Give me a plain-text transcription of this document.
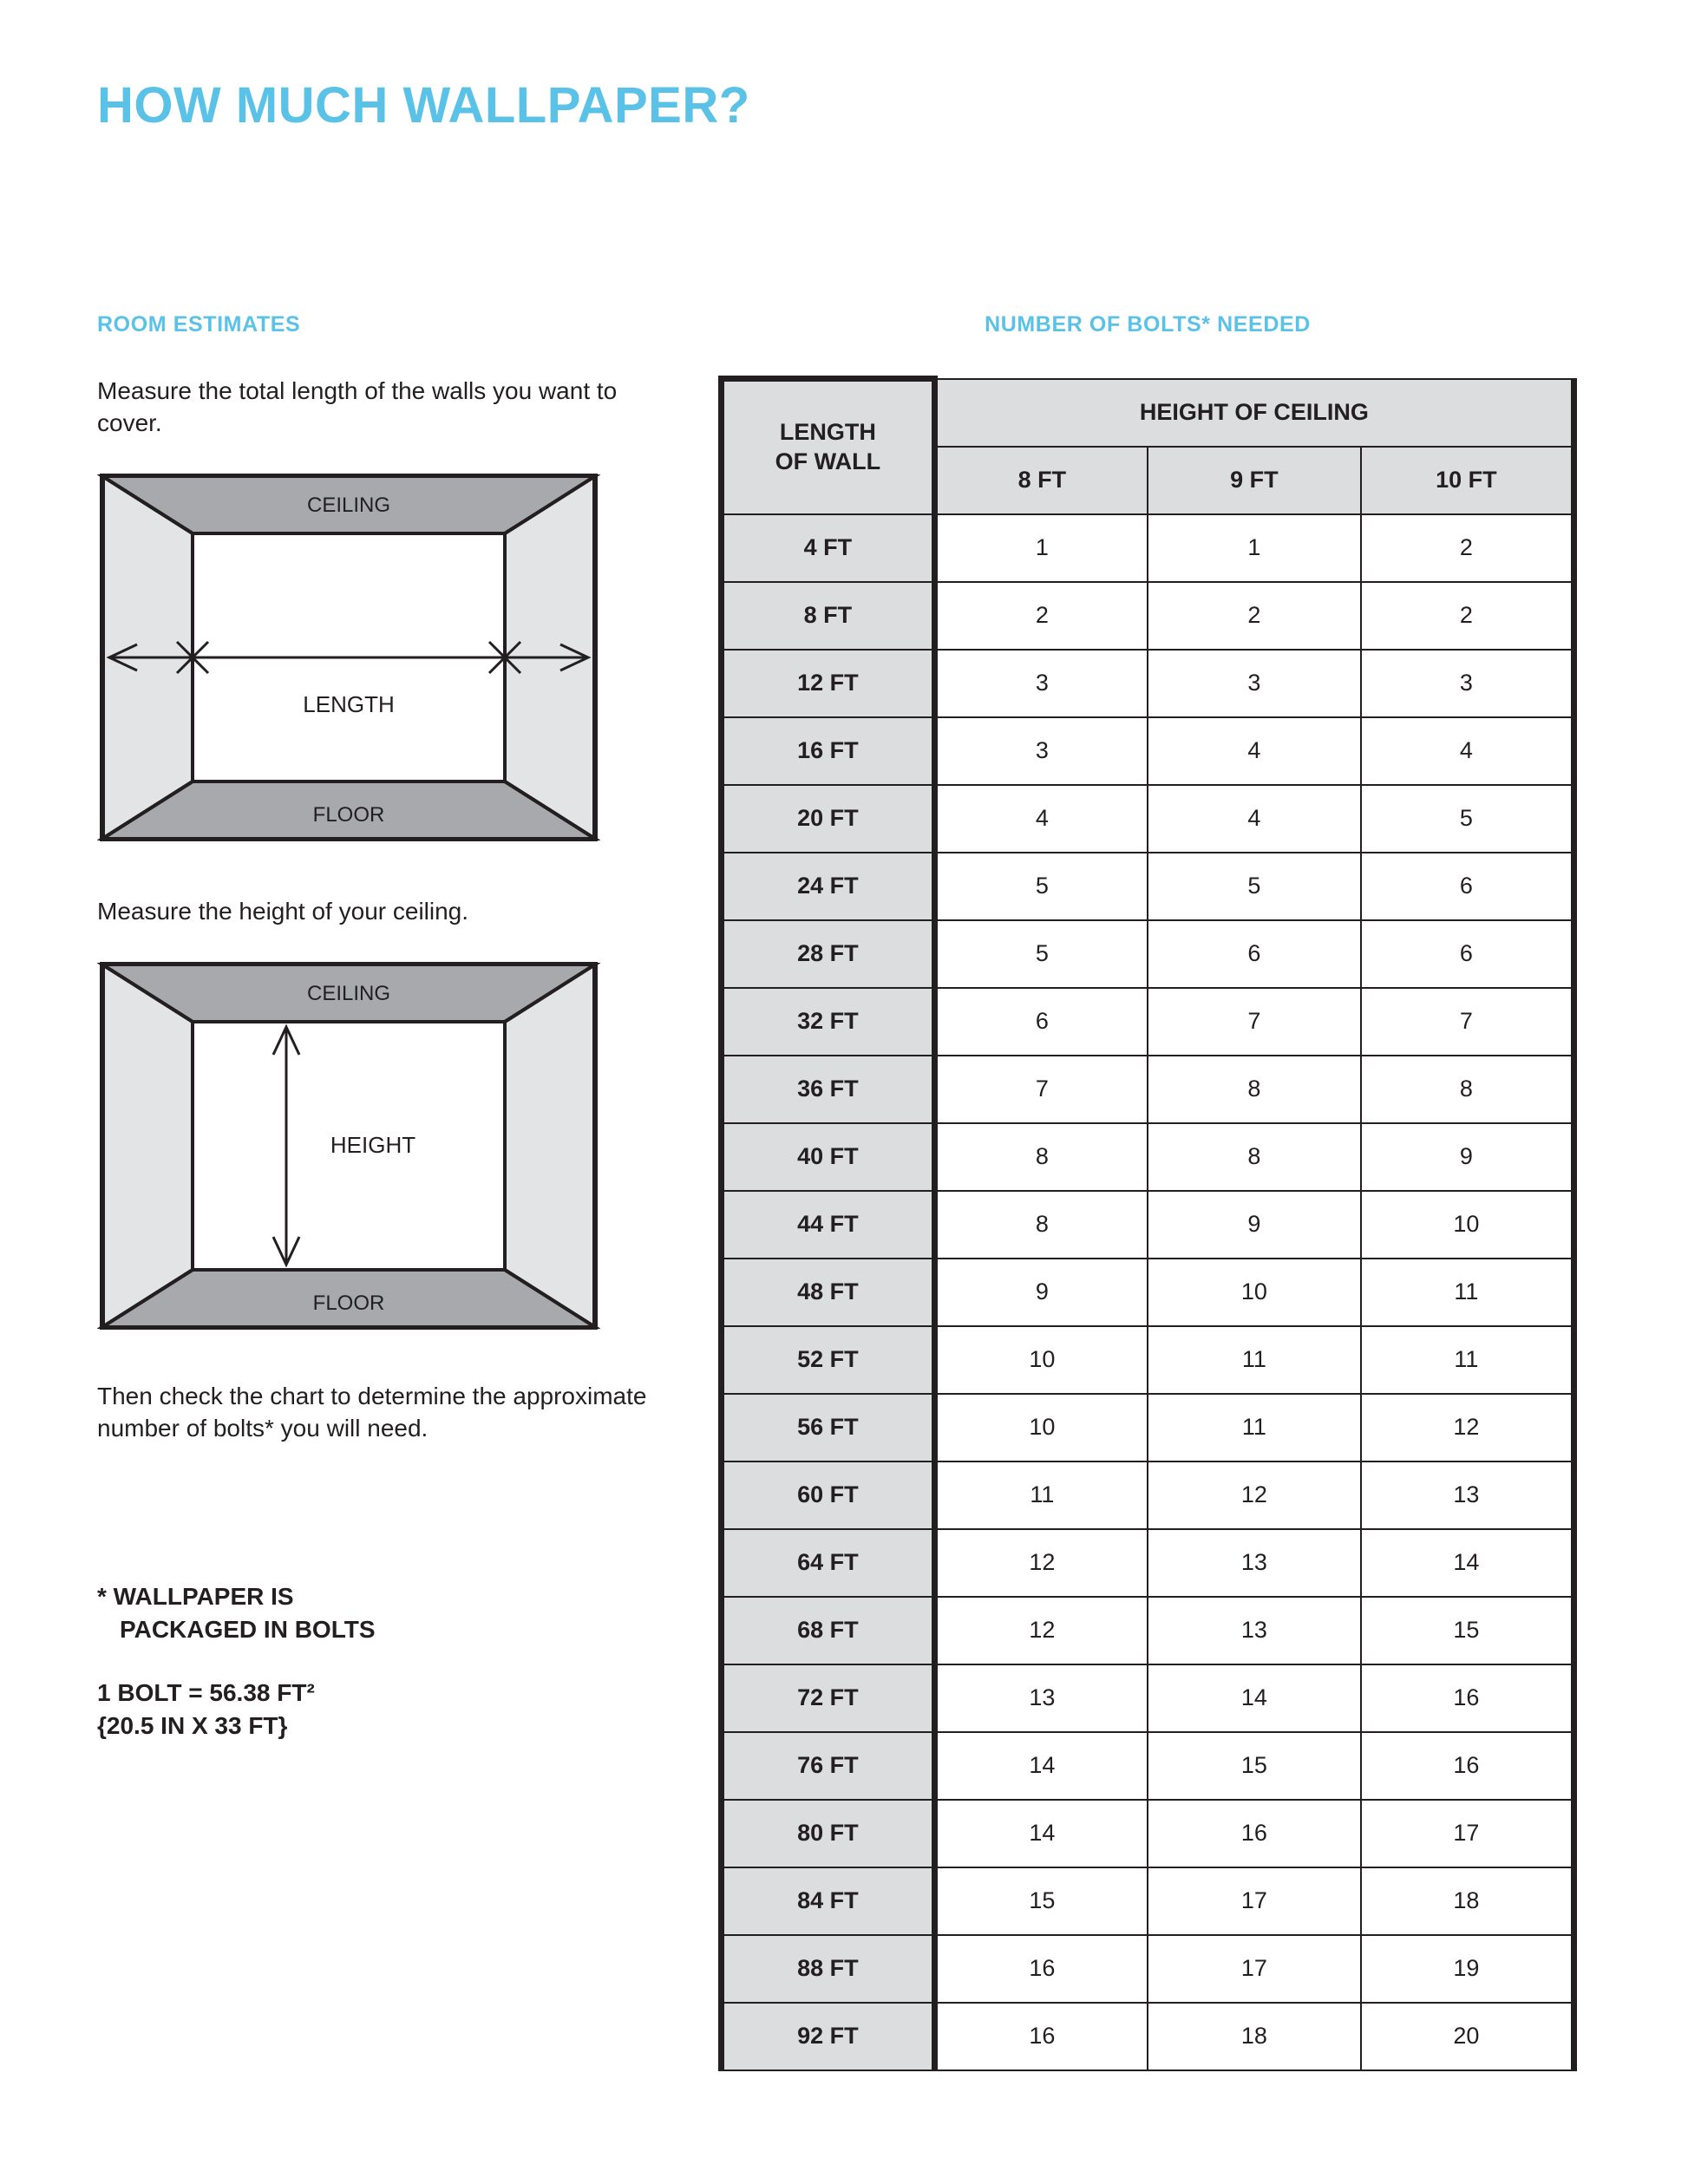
HOW MUCH WALLPAPER?
ROOM ESTIMATES

Measure the total length of the walls you want to cover.

CEILING
FLOOR
LENGTH

Measure the height of your ceiling.

CEILING
FLOOR
HEIGHT

Then check the chart to determine the approximate number of bolts* you will need.

* WALLPAPER IS
PACKAGED IN BOLTS
1 BOLT = 56.38 FT²
{20.5 IN X 33 FT}
NUMBER OF BOLTS* NEEDED
LENGTH
OF WALL	HEIGHT OF CEILING		
	8 FT	9 FT	10 FT
4 FT	1	1	2
8 FT	2	2	2
12 FT	3	3	3
16 FT	3	4	4
20 FT	4	4	5
24 FT	5	5	6
28 FT	5	6	6
32 FT	6	7	7
36 FT	7	8	8
40 FT	8	8	9
44 FT	8	9	10
48 FT	9	10	11
52 FT	10	11	11
56 FT	10	11	12
60 FT	11	12	13
64 FT	12	13	14
68 FT	12	13	15
72 FT	13	14	16
76 FT	14	15	16
80 FT	14	16	17
84 FT	15	17	18
88 FT	16	17	19
92 FT	16	18	20
